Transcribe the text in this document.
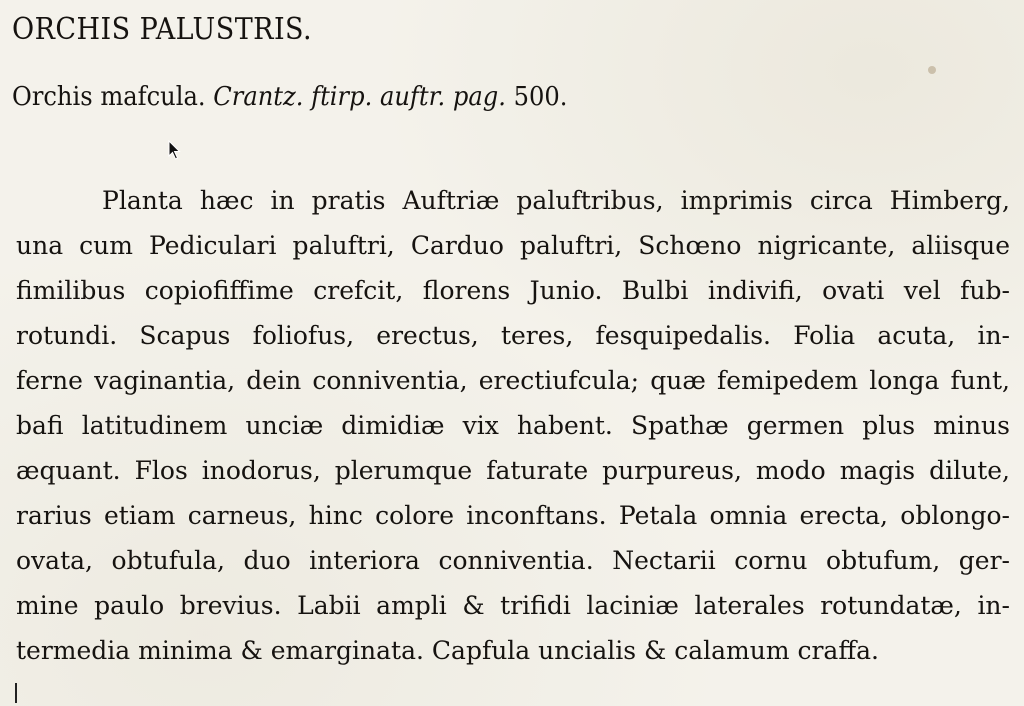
ORCHIS PALUSTRIS.
Orchis mafcula. Crantz. ftirp. auftr. pag. 500.
Planta hæc in pratis Auftriæ paluftribus, imprimis circa Himberg,
una cum Pediculari paluftri, Carduo paluftri, Schœno nigricante, aliisque
fimilibus copiofiffime crefcit, florens Junio. Bulbi indivifi, ovati vel fub-
rotundi. Scapus foliofus, erectus, teres, fesquipedalis. Folia acuta, in-
ferne vaginantia, dein conniventia, erectiufcula; quæ femipedem longa funt,
bafi latitudinem unciæ dimidiæ vix habent. Spathæ germen plus minus
æquant. Flos inodorus, plerumque faturate purpureus, modo magis dilute,
rarius etiam carneus, hinc colore inconftans. Petala omnia erecta, oblongo-
ovata, obtufula, duo interiora conniventia. Nectarii cornu obtufum, ger-
mine paulo brevius. Labii ampli & trifidi laciniæ laterales rotundatæ, in-
termedia minima & emarginata. Capfula uncialis & calamum craffa.
